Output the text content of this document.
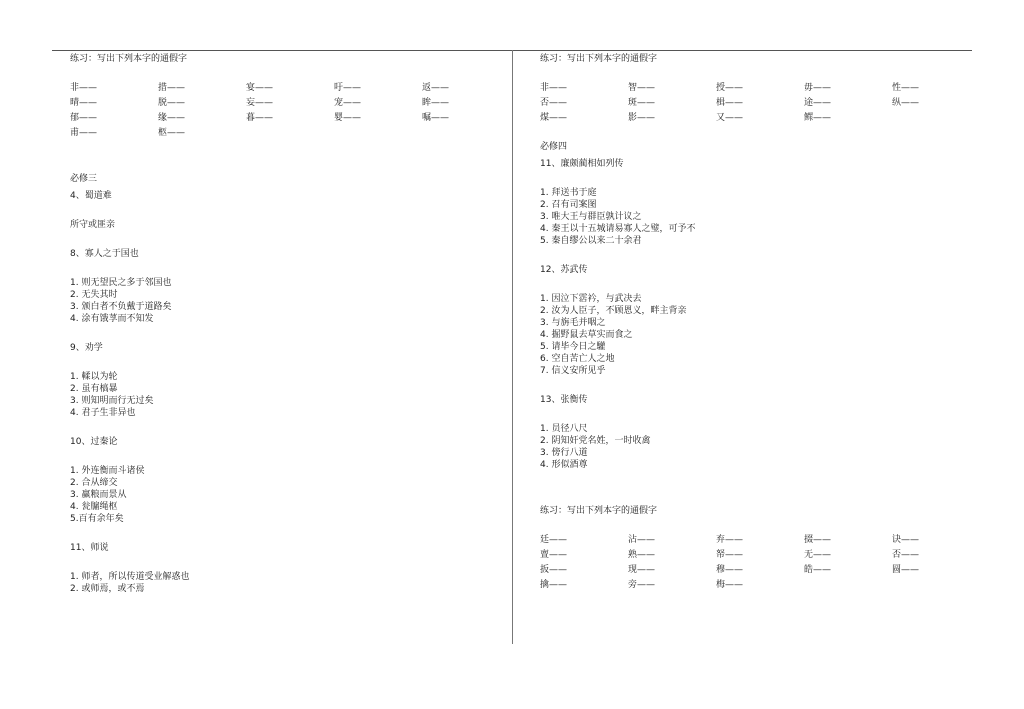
练习：写出下列本字的通假字
非——	措——	宴——	吁——	返——
晴——	脱——	妄——	宠——	眸——
郁——	缘——	暮——	婴——	嘱——
甫——	柩——
必修三
4、蜀道难
所守或匪亲
8、寡人之于国也
1. 则无望民之多于邻国也
2. 无失其时
3. 颁白者不负戴于道路矣
4. 涂有饿莩而不知发
9、劝学
1. 輮以为轮
2. 虽有槁暴
3. 则知明而行无过矣
4. 君子生非异也
10、过秦论
1. 外连衡而斗诸侯
2. 合从缔交
3. 赢粮而景从
4. 瓮牖绳枢
5.百有余年矣
11、师说
1. 师者，所以传道受业解惑也
2. 或师焉，或不焉
练习：写出下列本字的通假字
非——	智——	授——	毋——	性——
否——	斑——	楫——	途——	纵——
煤——	影——	又——	鳏——
必修四
11、廉颇蔺相如列传
1. 拜送书于庭
2. 召有司案图
3. 唯大王与群臣孰计议之
4. 秦王以十五城请易寡人之璧，可予不
5. 秦自缪公以来二十余君
12、苏武传
1. 因泣下霑衿，与武决去
2. 汝为人臣子，不顾恩义，畔主背亲
3. 与旃毛并咽之
4. 掘野鼠去草实而食之
5. 请毕今日之驩
6. 空自苦亡人之地
7. 信义安所见乎
13、张衡传
1. 员径八尺
2. 阴知奸党名姓，一时收禽
3. 傍行八道
4. 形似酒尊
练习：写出下列本字的通假字
廷——	沾——	弃——	掇——	诀——
亶——	熟——	帑——	无——	否——
扳——	现——	穆——	皓——	圆——
擒——	旁——	梅——
